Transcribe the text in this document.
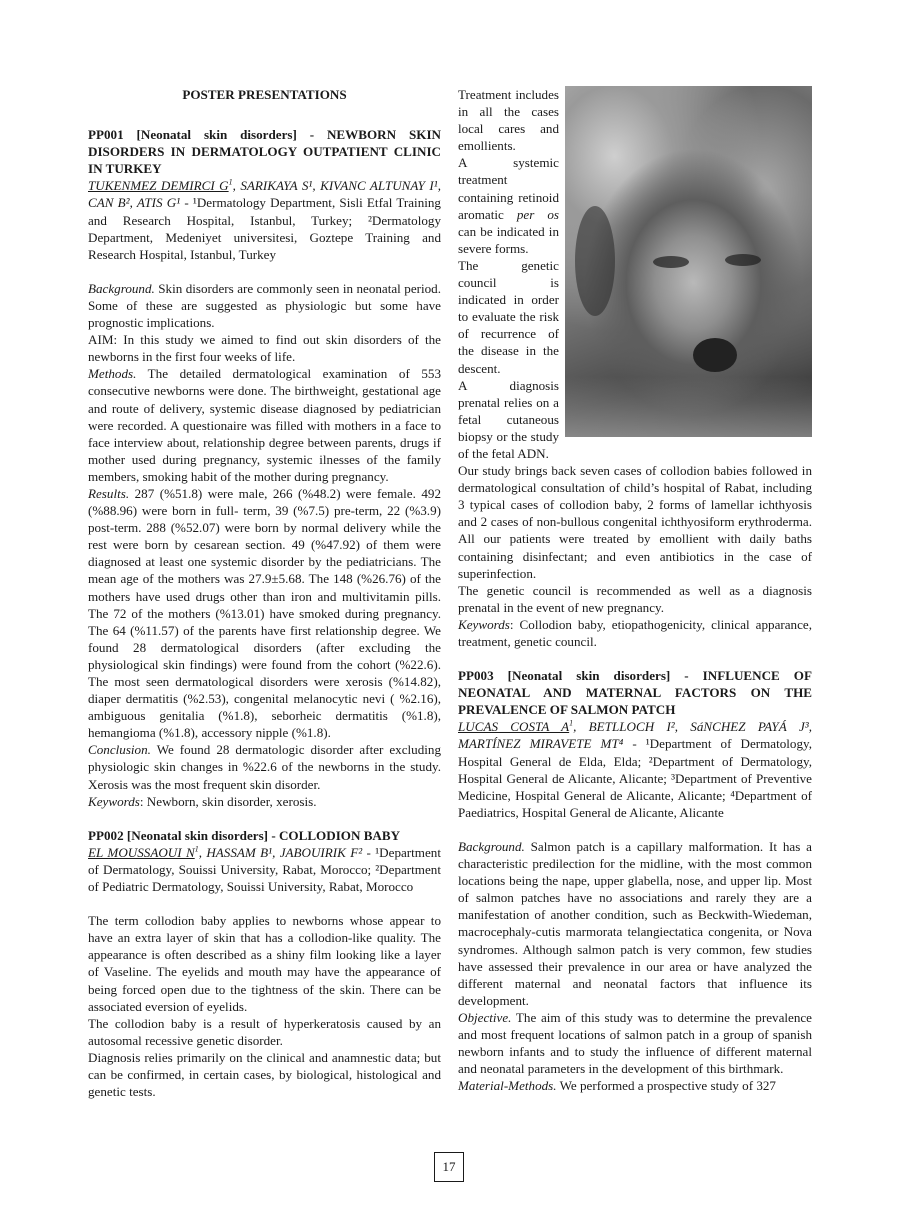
POSTER PRESENTATIONS

PP001 [Neonatal skin disorders] - NEWBORN SKIN DISORDERS IN DERMATOLOGY OUTPATIENT CLINIC IN TURKEY

TUKENMEZ DEMIRCI $G^1$, SARIKAYA S¹, KIVANC ALTUNAY I¹, CAN B², ATIS G¹ - ¹Dermatology Department, Sisli Etfal Training and Research Hospital, Istanbul, Turkey; ²Dermatology Department, Medeniyet universitesi, Goztepe Training and Research Hospital, Istanbul, Turkey

Background. Skin disorders are commonly seen in neonatal period. Some of these are suggested as physiologic but some have prognostic implications.

AIM: In this study we aimed to find out skin disorders of the newborns in the first four weeks of life.

Methods. The detailed dermatological examination of 553 consecutive newborns were done. The birthweight, gestational age and route of delivery, systemic disease diagnosed by pediatrician were recorded. A questionaire was filled with mothers in a face to face interview about, relationship degree between parents, drugs if mother used during pregnancy, systemic ilnesses of the family members, smoking habit of the mother during pregnancy.

Results. 287 (%51.8) were male, 266 (%48.2) were female. 492 (%88.96) were born in full- term, 39 (%7.5) pre-term, 22 (%3.9) post-term. 288 (%52.07) were born by normal delivery while the rest were born by cesarean section. 49 (%47.92) of them were diagnosed at least one systemic disorder by the pediatricians. The mean age of the mothers was 27.9±5.68. The 148 (%26.76) of the mothers have used drugs other than iron and multivitamin pills. The 72 of the mothers (%13.01) have smoked during pregnancy. The 64 (%11.57) of the parents have first relationship degree. We found 28 dermatological disorders (after excluding the physiological skin findings) were found from the cohort (%22.6). The most seen dermatological disorders were xerosis (%14.82), diaper dermatitis (%2.53), congenital melanocytic nevi ( %2.16), ambiguous genitalia (%1.8), seborheic dermatitis (%1.8), hemangioma (%1.8), accessory nipple (%1.8).

Conclusion. We found 28 dermatologic disorder after excluding physiologic skin changes in %22.6 of the newborns in the study. Xerosis was the most frequent skin disorder.

Keywords: Newborn, skin disorder, xerosis.

PP002 [Neonatal skin disorders] - COLLODION BABY

EL MOUSSAOUI $N^1$, HASSAM B¹, JABOUIRIK F² - ¹Department of Dermatology, Souissi University, Rabat, Morocco; ²Department of Pediatric Dermatology, Souissi University, Rabat, Morocco

The term collodion baby applies to newborns whose appear to have an extra layer of skin that has a collodion-like quality. The appearance is often described as a shiny film looking like a layer of Vaseline. The eyelids and mouth may have the appearance of being forced open due to the tightness of the skin. There can be associated eversion of eyelids.

The collodion baby is a result of hyperkeratosis caused by an autosomal recessive genetic disorder.

Diagnosis relies primarily on the clinical and anamnestic data; but can be confirmed, in certain cases, by biological, histological and genetic tests.

Treatment includes in all the cases local cares and emollients.

A systemic treatment containing retinoid aromatic per os can be indicated in severe forms.

The genetic council is indicated in order to evaluate the risk of recurrence of the disease in the descent.

A diagnosis prenatal relies on a fetal cutaneous biopsy or the study of the fetal ADN.

Our study brings back seven cases of collodion babies followed in dermatological consultation of child’s hospital of Rabat, including 3 typical cases of collodion baby, 2 forms of lamellar ichthyosis and 2 cases of non-bullous congenital ichthyosiform erythroderma. All our patients were treated by emollient with daily baths containing disinfectant; and even antibiotics in the case of superinfection.

The genetic council is recommended as well as a diagnosis prenatal in the event of new pregnancy.

Keywords: Collodion baby, etiopathogenicity, clinical apparance, treatment, genetic council.

PP003 [Neonatal skin disorders] - INFLUENCE OF NEONATAL AND MATERNAL FACTORS ON THE PREVALENCE OF SALMON PATCH

LUCAS COSTA $A^1$, BETLLOCH I², SáNCHEZ PAYÁ J³, MARTÍNEZ MIRAVETE MT⁴ - ¹Department of Dermatology, Hospital General de Elda, Elda; ²Department of Dermatology, Hospital General de Alicante, Alicante; ³Department of Preventive Medicine, Hospital General de Alicante, Alicante; ⁴Department of Paediatrics, Hospital General de Alicante, Alicante

Background. Salmon patch is a capillary malformation. It has a characteristic predilection for the midline, with the most common locations being the nape, upper glabella, nose, and upper lip. Most of salmon patches have no associations and rarely they are a manifestation of another condition, such as Beckwith-Wiedeman, macrocephaly-cutis marmorata telangiectatica congenita, or Nova syndromes. Although salmon patch is very common, few studies have assessed their prevalence in our area or have analyzed the different maternal and neonatal factors that influence its development.

Objective. The aim of this study was to determine the prevalence and most frequent locations of salmon patch in a group of spanish newborn infants and to study the influence of different maternal and neonatal parameters in the development of this birthmark.

Material-Methods. We performed a prospective study of 327

17
